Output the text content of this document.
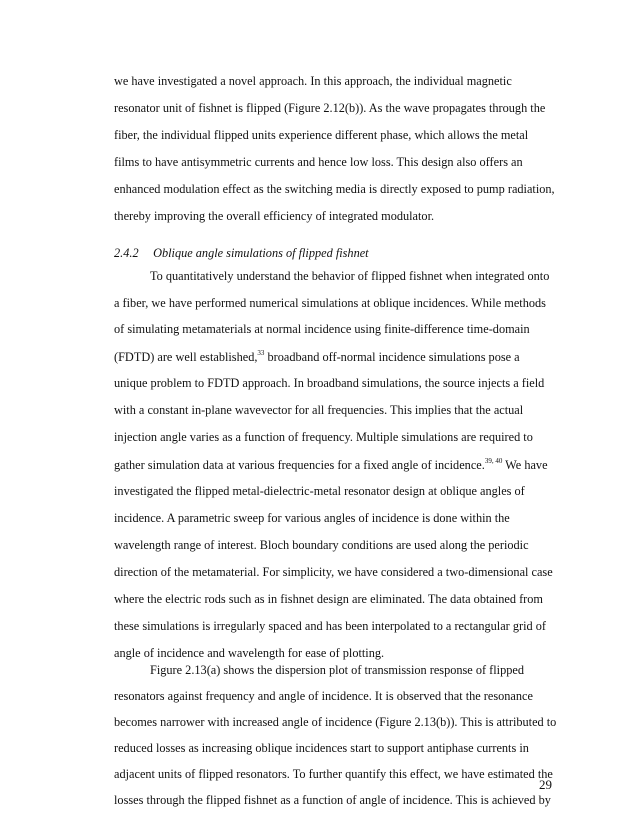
we have investigated a novel approach. In this approach, the individual magnetic
resonator unit of fishnet is flipped (Figure 2.12(b)). As the wave propagates through the
fiber, the individual flipped units experience different phase, which allows the metal
films to have antisymmetric currents and hence low loss. This design also offers an
enhanced modulation effect as the switching media is directly exposed to pump radiation,
thereby improving the overall efficiency of integrated modulator.
2.4.2 Oblique angle simulations of flipped fishnet
To quantitatively understand the behavior of flipped fishnet when integrated onto
a fiber, we have performed numerical simulations at oblique incidences. While methods
of simulating metamaterials at normal incidence using finite-difference time-domain
(FDTD) are well established,$^{33}$ broadband off-normal incidence simulations pose a
unique problem to FDTD approach. In broadband simulations, the source injects a field
with a constant in-plane wavevector for all frequencies. This implies that the actual
injection angle varies as a function of frequency. Multiple simulations are required to
gather simulation data at various frequencies for a fixed angle of incidence.$^{39, 40}$ We have
investigated the flipped metal-dielectric-metal resonator design at oblique angles of
incidence. A parametric sweep for various angles of incidence is done within the
wavelength range of interest. Bloch boundary conditions are used along the periodic
direction of the metamaterial. For simplicity, we have considered a two-dimensional case
where the electric rods such as in fishnet design are eliminated. The data obtained from
these simulations is irregularly spaced and has been interpolated to a rectangular grid of
angle of incidence and wavelength for ease of plotting.
Figure 2.13(a) shows the dispersion plot of transmission response of flipped
resonators against frequency and angle of incidence. It is observed that the resonance
becomes narrower with increased angle of incidence (Figure 2.13(b)). This is attributed to
reduced losses as increasing oblique incidences start to support antiphase currents in
adjacent units of flipped resonators. To further quantify this effect, we have estimated the
losses through the flipped fishnet as a function of angle of incidence. This is achieved by
29
